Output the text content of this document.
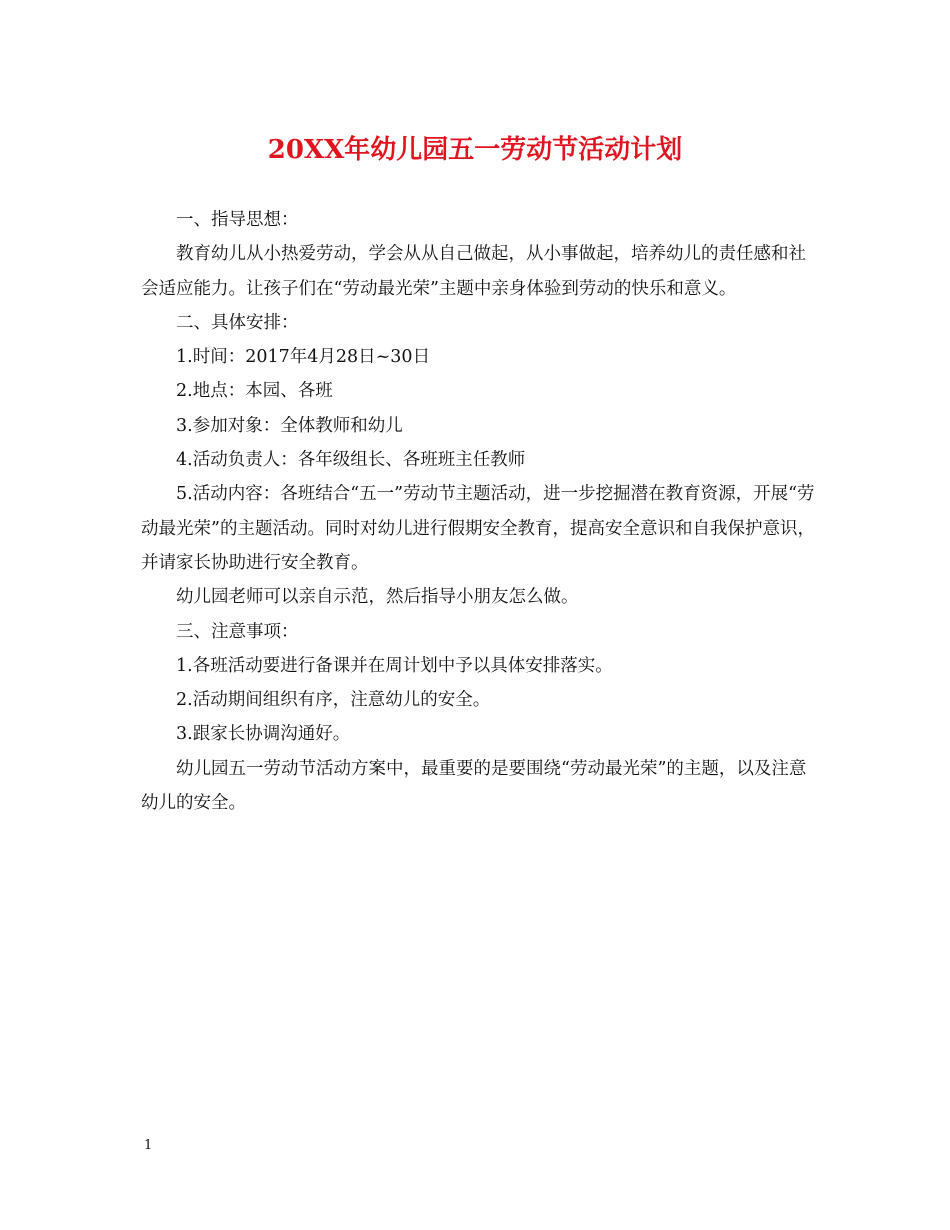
20XX年幼儿园五一劳动节活动计划

一、指导思想：

教育幼儿从小热爱劳动，学会从从自己做起，从小事做起，培养幼儿的责任感和社会适应能力。让孩子们在“劳动最光荣”主题中亲身体验到劳动的快乐和意义。

二、具体安排：

1.时间：2017年4月28日~30日

2.地点：本园、各班

3.参加对象：全体教师和幼儿

4.活动负责人：各年级组长、各班班主任教师

5.活动内容：各班结合“五一”劳动节主题活动，进一步挖掘潜在教育资源，开展“劳动最光荣”的主题活动。同时对幼儿进行假期安全教育，提高安全意识和自我保护意识，并请家长协助进行安全教育。

幼儿园老师可以亲自示范，然后指导小朋友怎么做。

三、注意事项：

1.各班活动要进行备课并在周计划中予以具体安排落实。

2.活动期间组织有序，注意幼儿的安全。

3.跟家长协调沟通好。

幼儿园五一劳动节活动方案中，最重要的是要围绕“劳动最光荣”的主题，以及注意幼儿的安全。

1
